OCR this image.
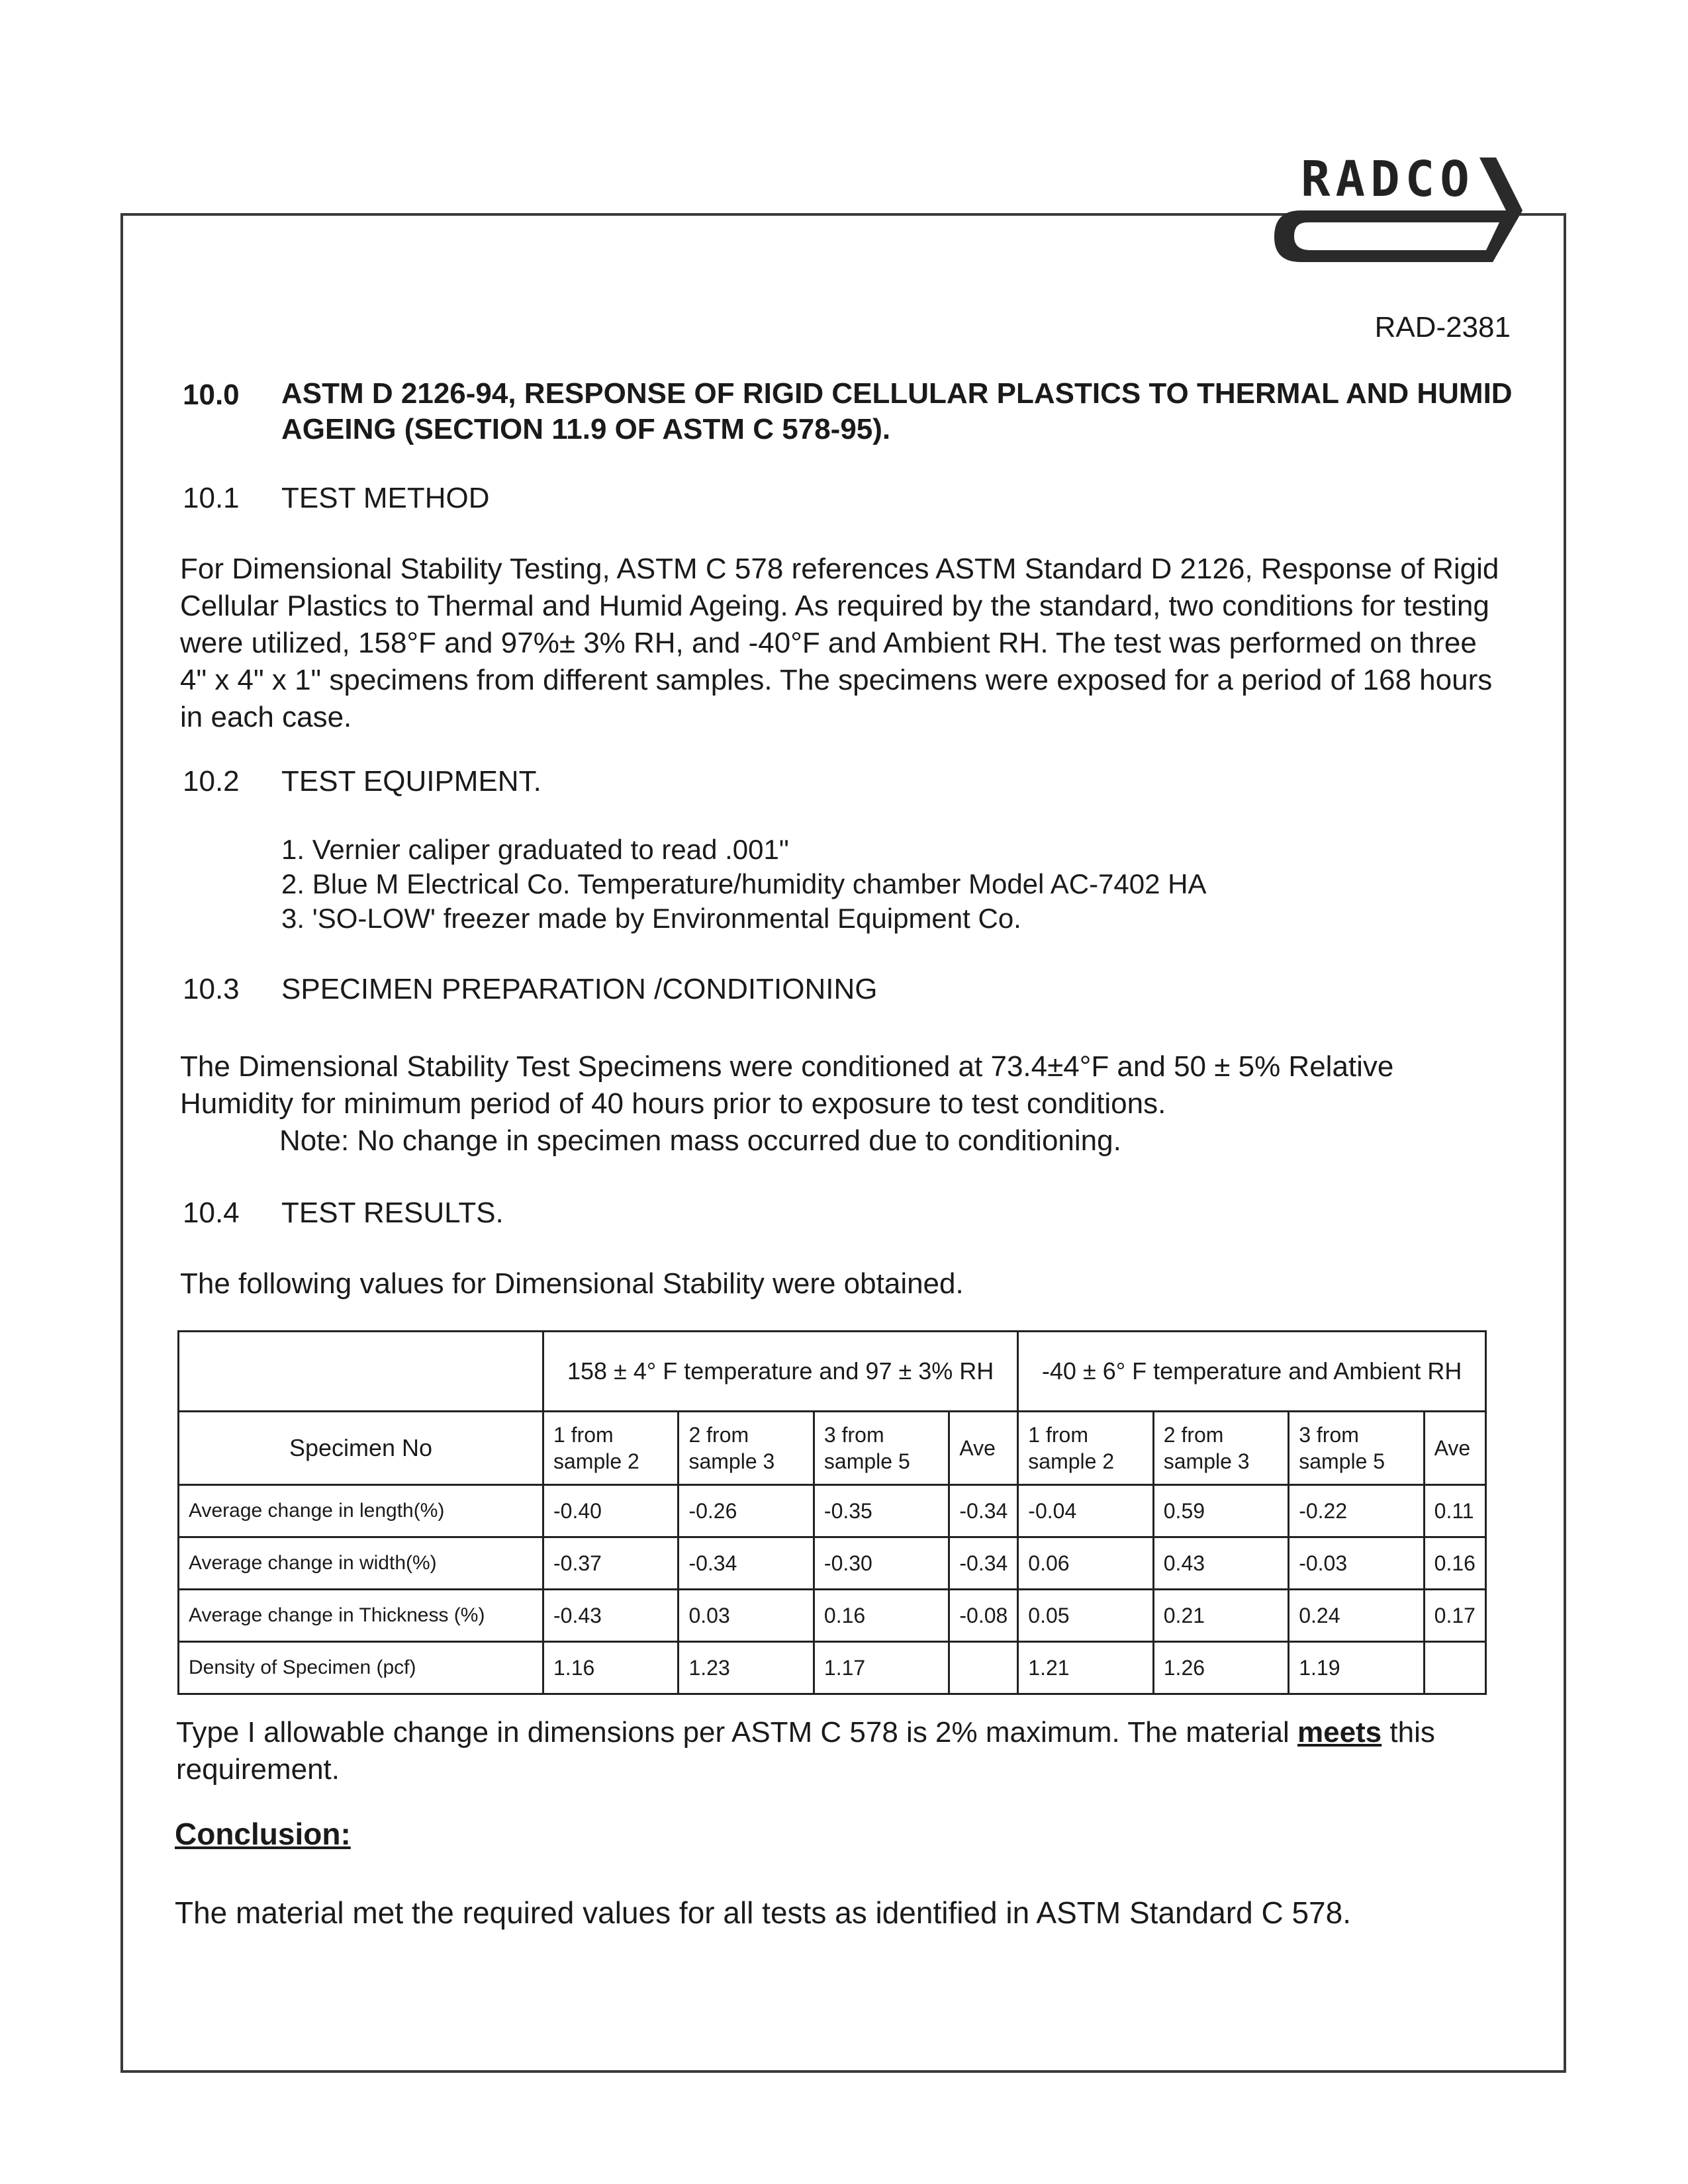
RADCO
RAD-2381
10.0 ASTM D 2126-94, RESPONSE OF RIGID CELLULAR PLASTICS TO THERMAL AND HUMID AGEING (SECTION 11.9 OF ASTM C 578-95).
10.1 TEST METHOD
For Dimensional Stability Testing, ASTM C 578 references ASTM Standard D 2126, Response of Rigid Cellular Plastics to Thermal and Humid Ageing. As required by the standard, two conditions for testing were utilized, 158°F and 97%± 3% RH, and -40°F and Ambient RH. The test was performed on three 4" x 4" x 1" specimens from different samples. The specimens were exposed for a period of 168 hours in each case.
10.2 TEST EQUIPMENT.
1. Vernier caliper graduated to read .001"
2. Blue M Electrical Co. Temperature/humidity chamber Model AC-7402 HA
3. 'SO-LOW' freezer made by Environmental Equipment Co.
10.3 SPECIMEN PREPARATION /CONDITIONING
The Dimensional Stability Test Specimens were conditioned at 73.4±4°F and 50 ± 5% Relative Humidity for minimum period of 40 hours prior to exposure to test conditions.
Note: No change in specimen mass occurred due to conditioning.
10.4 TEST RESULTS.
The following values for Dimensional Stability were obtained.
	158 ± 4° F temperature and 97 ± 3% RH				-40 ± 6° F temperature and Ambient RH			
Specimen No	1 from sample 2	2 from sample 3	3 from sample 5	Ave	1 from sample 2	2 from sample 3	3 from sample 5	Ave
Average change in length(%)	-0.40	-0.26	-0.35	-0.34	-0.04	0.59	-0.22	0.11
Average change in width(%)	-0.37	-0.34	-0.30	-0.34	0.06	0.43	-0.03	0.16
Average change in Thickness (%)	-0.43	0.03	0.16	-0.08	0.05	0.21	0.24	0.17
Density of Specimen (pcf)	1.16	1.23	1.17		1.21	1.26	1.19	
Type I allowable change in dimensions per ASTM C 578 is 2% maximum. The material meets this requirement.
Conclusion:
The material met the required values for all tests as identified in ASTM Standard C 578.
